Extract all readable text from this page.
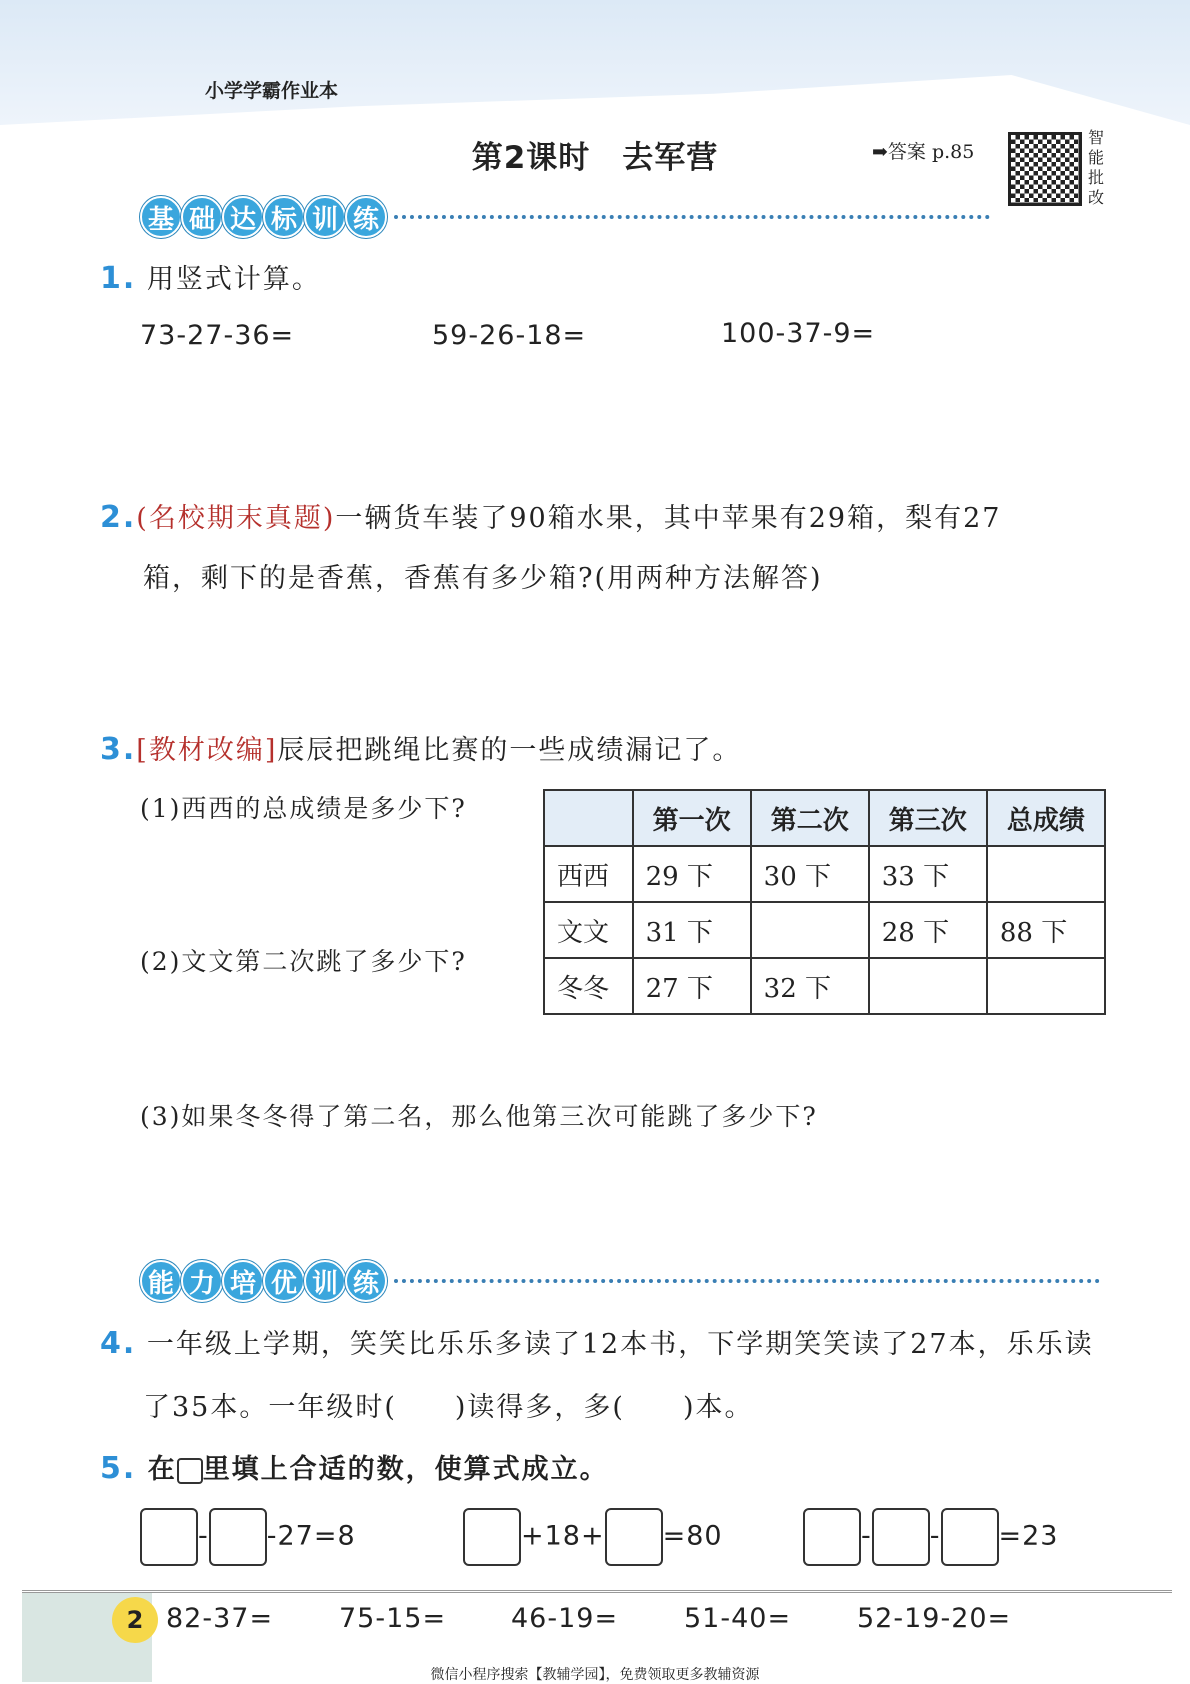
小学学霸作业本
第2课时　去军营	➡答案 p.85
智能批改
基 础 达 标 训 练
1. 用竖式计算。
73-27-36=	59-26-18=	100-37-9=
2.(名校期末真题)一辆货车装了90箱水果，其中苹果有29箱，梨有27
箱，剩下的是香蕉，香蕉有多少箱?(用两种方法解答)
3.[教材改编]辰辰把跳绳比赛的一些成绩漏记了。
(1)西西的总成绩是多少下?
(2)文文第二次跳了多少下?
(3)如果冬冬得了第二名，那么他第三次可能跳了多少下?
	第一次	第二次	第三次	总成绩
西西	29 下	30 下	33 下	
文文	31 下		28 下	88 下
冬冬	27 下	32 下		
能 力 培 优 训 练
4. 一年级上学期，笑笑比乐乐多读了12本书，下学期笑笑读了27本，乐乐读
了35本。一年级时(　　)读得多，多(　　)本。
5. 在 里填上合适的数，使算式成立。
- -27=8	+18+ =80	- - =23
2 82-37= 75-15= 46-19= 51-40= 52-19-20=
微信小程序搜索【教辅学园】，免费领取更多教辅资源
